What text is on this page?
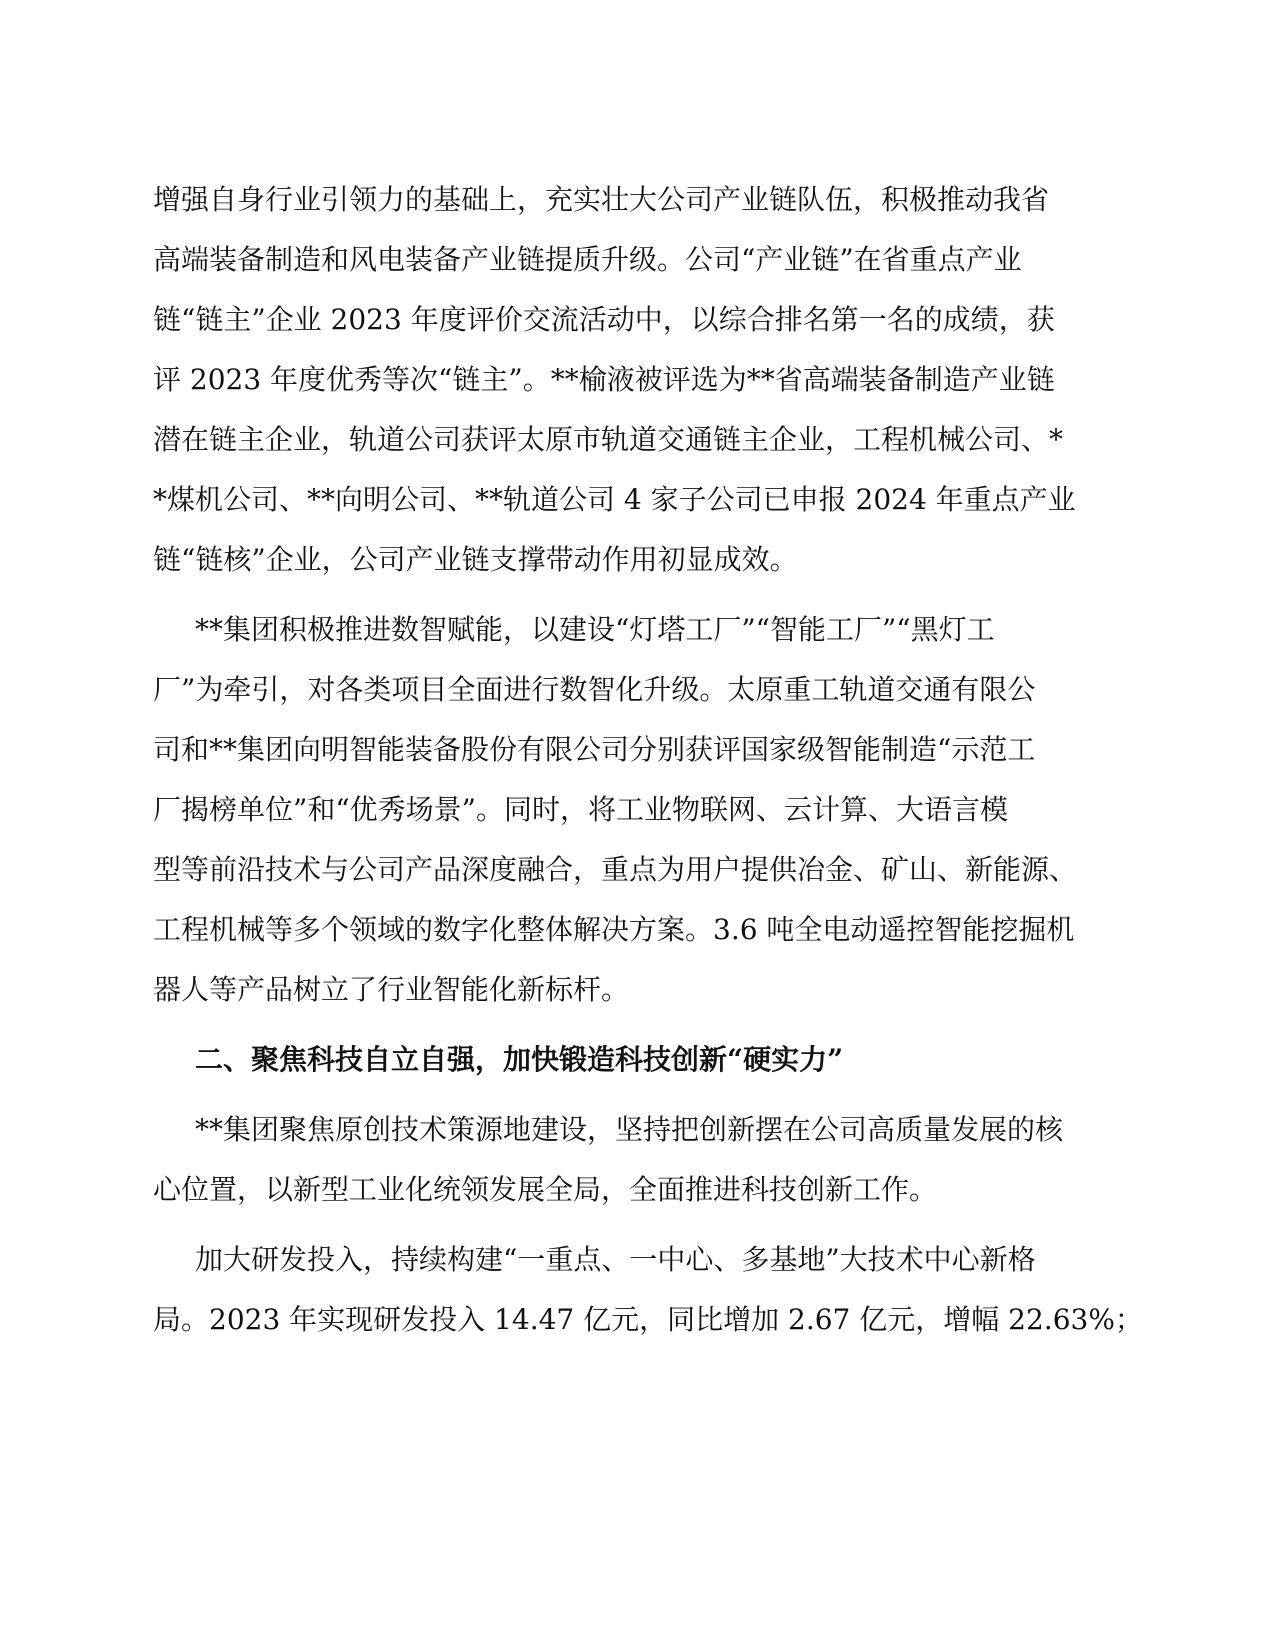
增强自身行业引领力的基础上，充实壮大公司产业链队伍，积极推动我省
高端装备制造和风电装备产业链提质升级。公司“产业链”在省重点产业
链“链主”企业 2023 年度评价交流活动中，以综合排名第一名的成绩，获
评 2023 年度优秀等次“链主”。**榆液被评选为**省高端装备制造产业链
潜在链主企业，轨道公司获评太原市轨道交通链主企业，工程机械公司、*
*煤机公司、**向明公司、**轨道公司 4 家子公司已申报 2024 年重点产业
链“链核”企业，公司产业链支撑带动作用初显成效。
**集团积极推进数智赋能，以建设“灯塔工厂”“智能工厂”“黑灯工
厂”为牵引，对各类项目全面进行数智化升级。太原重工轨道交通有限公
司和**集团向明智能装备股份有限公司分别获评国家级智能制造“示范工
厂揭榜单位”和“优秀场景”。同时，将工业物联网、云计算、大语言模
型等前沿技术与公司产品深度融合，重点为用户提供冶金、矿山、新能源、
工程机械等多个领域的数字化整体解决方案。3.6 吨全电动遥控智能挖掘机
器人等产品树立了行业智能化新标杆。
二、聚焦科技自立自强，加快锻造科技创新“硬实力”
**集团聚焦原创技术策源地建设，坚持把创新摆在公司高质量发展的核
心位置，以新型工业化统领发展全局，全面推进科技创新工作。
加大研发投入，持续构建“一重点、一中心、多基地”大技术中心新格
局。2023 年实现研发投入 14.47 亿元，同比增加 2.67 亿元，增幅 22.63%；
